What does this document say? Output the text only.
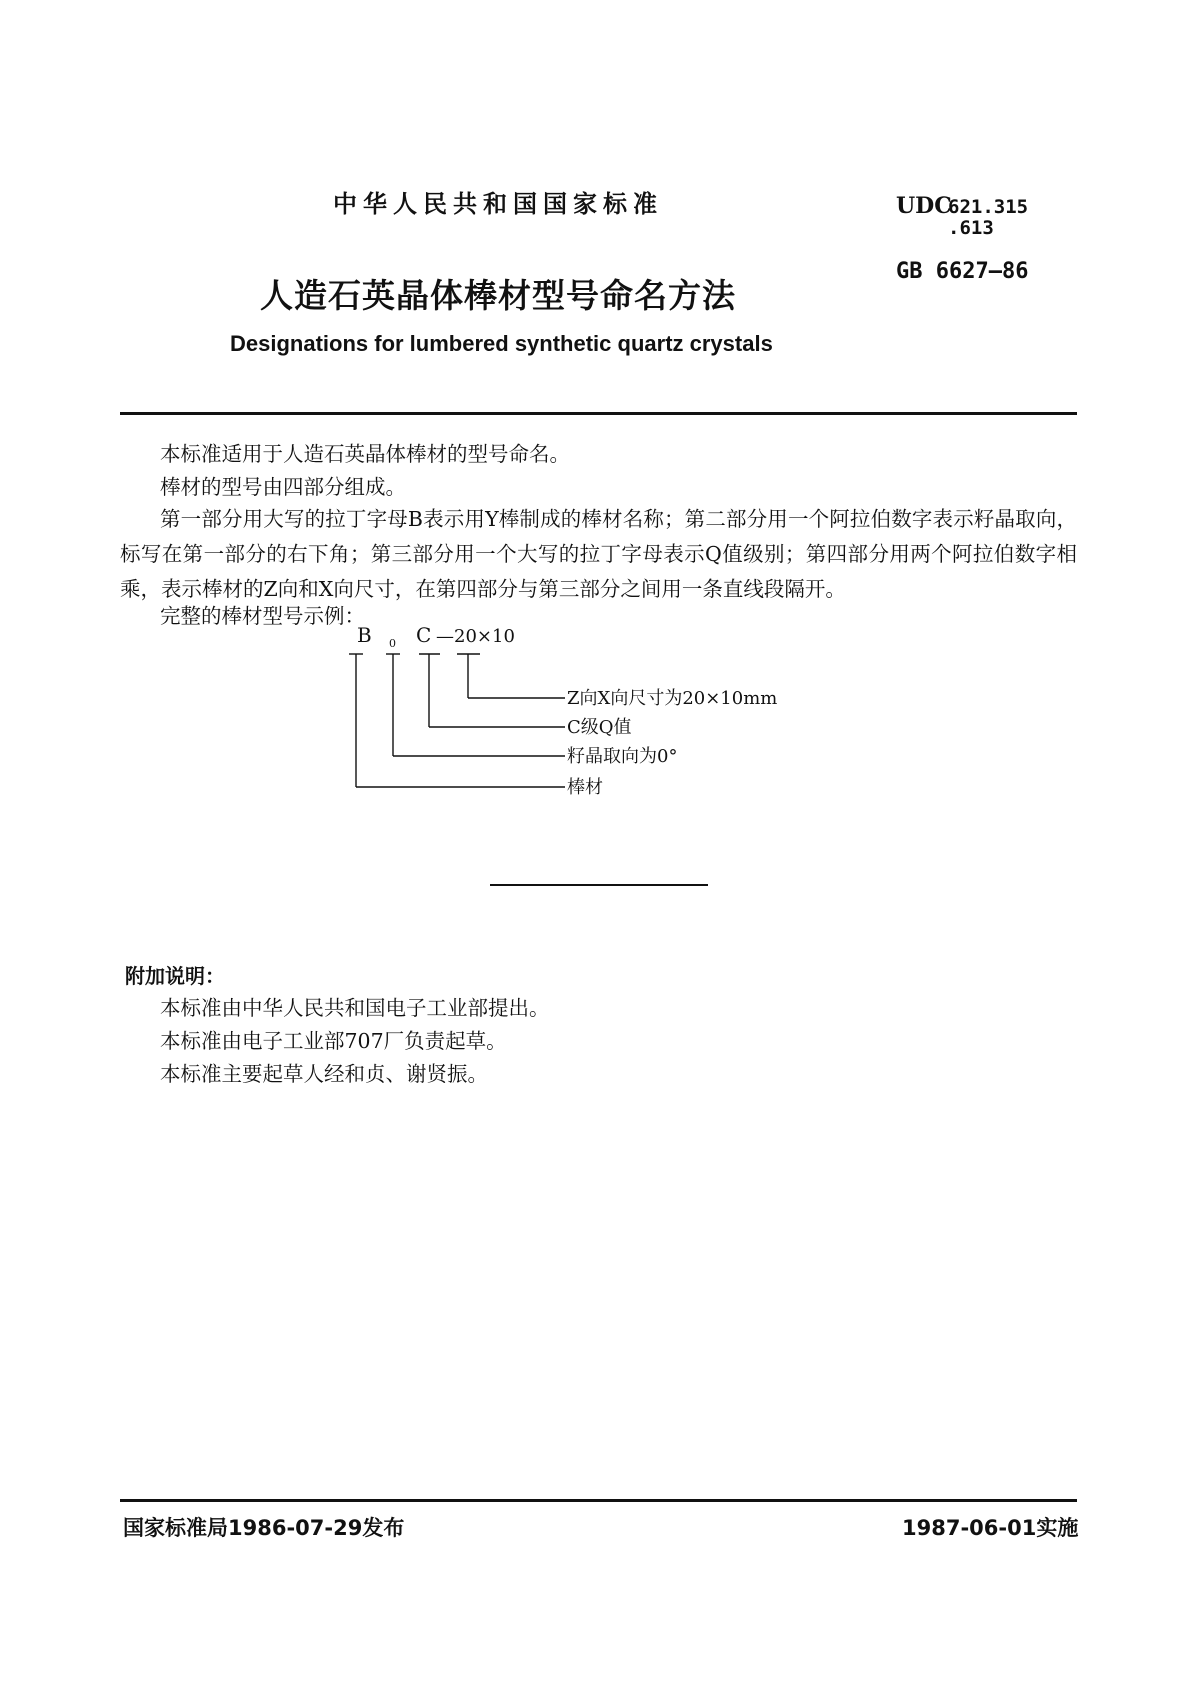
中华人民共和国国家标准	UDC
621.315
.613
GB 6627—86
人造石英晶体棒材型号命名方法
Designations for lumbered synthetic quartz crystals
本标准适用于人造石英晶体棒材的型号命名。
棒材的型号由四部分组成。
第一部分用大写的拉丁字母B表示用Y棒制成的棒材名称；第二部分用一个阿拉伯数字表示籽晶取向，标写在第一部分的右下角；第三部分用一个大写的拉丁字母表示Q值级别；第四部分用两个阿拉伯数字相乘，表示棒材的Z向和X向尺寸，在第四部分与第三部分之间用一条直线段隔开。
完整的棒材型号示例：
B 0 C —20×10
Z向X向尺寸为20×10mm
C级Q值
籽晶取向为0°
棒材
附加说明：
本标准由中华人民共和国电子工业部提出。
本标准由电子工业部707厂负责起草。
本标准主要起草人经和贞、谢贤振。
国家标准局1986-07-29发布	1987-06-01实施
